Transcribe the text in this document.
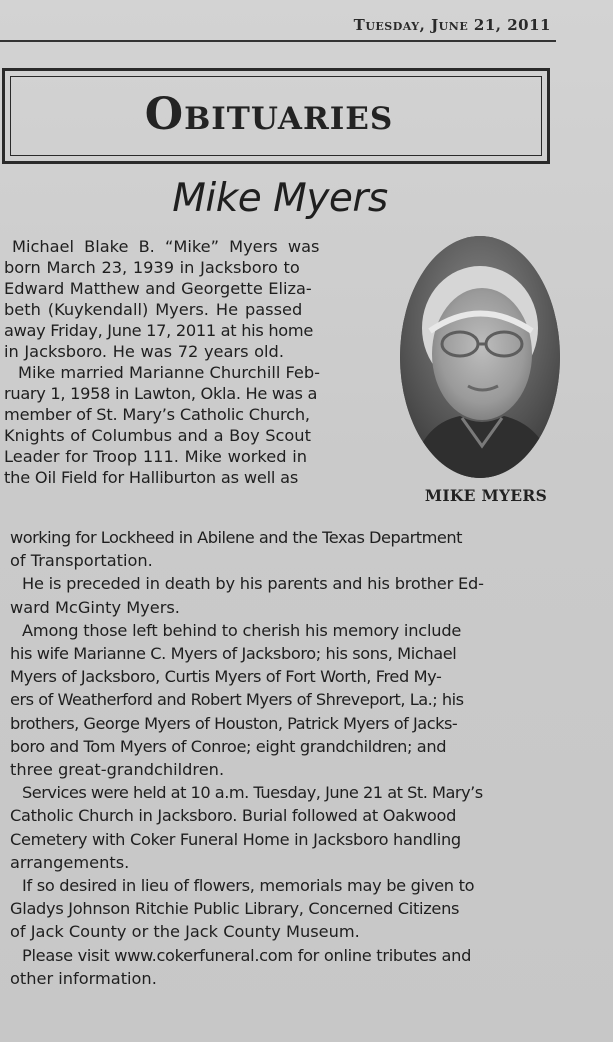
Tuesday, June 21, 2011
Obituaries
Mike Myers
MIKE MYERS
Michael Blake B. “Mike” Myers was
born March 23, 1939 in Jacksboro to
Edward Matthew and Georgette Eliza-
beth (Kuykendall) Myers. He passed
away Friday, June 17, 2011 at his home
in Jacksboro. He was 72 years old.
Mike married Marianne Churchill Feb-
ruary 1, 1958 in Lawton, Okla. He was a
member of St. Mary’s Catholic Church,
Knights of Columbus and a Boy Scout
Leader for Troop 111. Mike worked in
the Oil Field for Halliburton as well as
working for Lockheed in Abilene and the Texas Department
of Transportation.
He is preceded in death by his parents and his brother Ed-
ward McGinty Myers.
Among those left behind to cherish his memory include
his wife Marianne C. Myers of Jacksboro; his sons, Michael
Myers of Jacksboro, Curtis Myers of Fort Worth, Fred My-
ers of Weatherford and Robert Myers of Shreveport, La.; his
brothers, George Myers of Houston, Patrick Myers of Jacks-
boro and Tom Myers of Conroe; eight grandchildren; and
three great-grandchildren.
Services were held at 10 a.m. Tuesday, June 21 at St. Mary’s
Catholic Church in Jacksboro. Burial followed at Oakwood
Cemetery with Coker Funeral Home in Jacksboro handling
arrangements.
If so desired in lieu of flowers, memorials may be given to
Gladys Johnson Ritchie Public Library, Concerned Citizens
of Jack County or the Jack County Museum.
Please visit www.cokerfuneral.com for online tributes and
other information.
